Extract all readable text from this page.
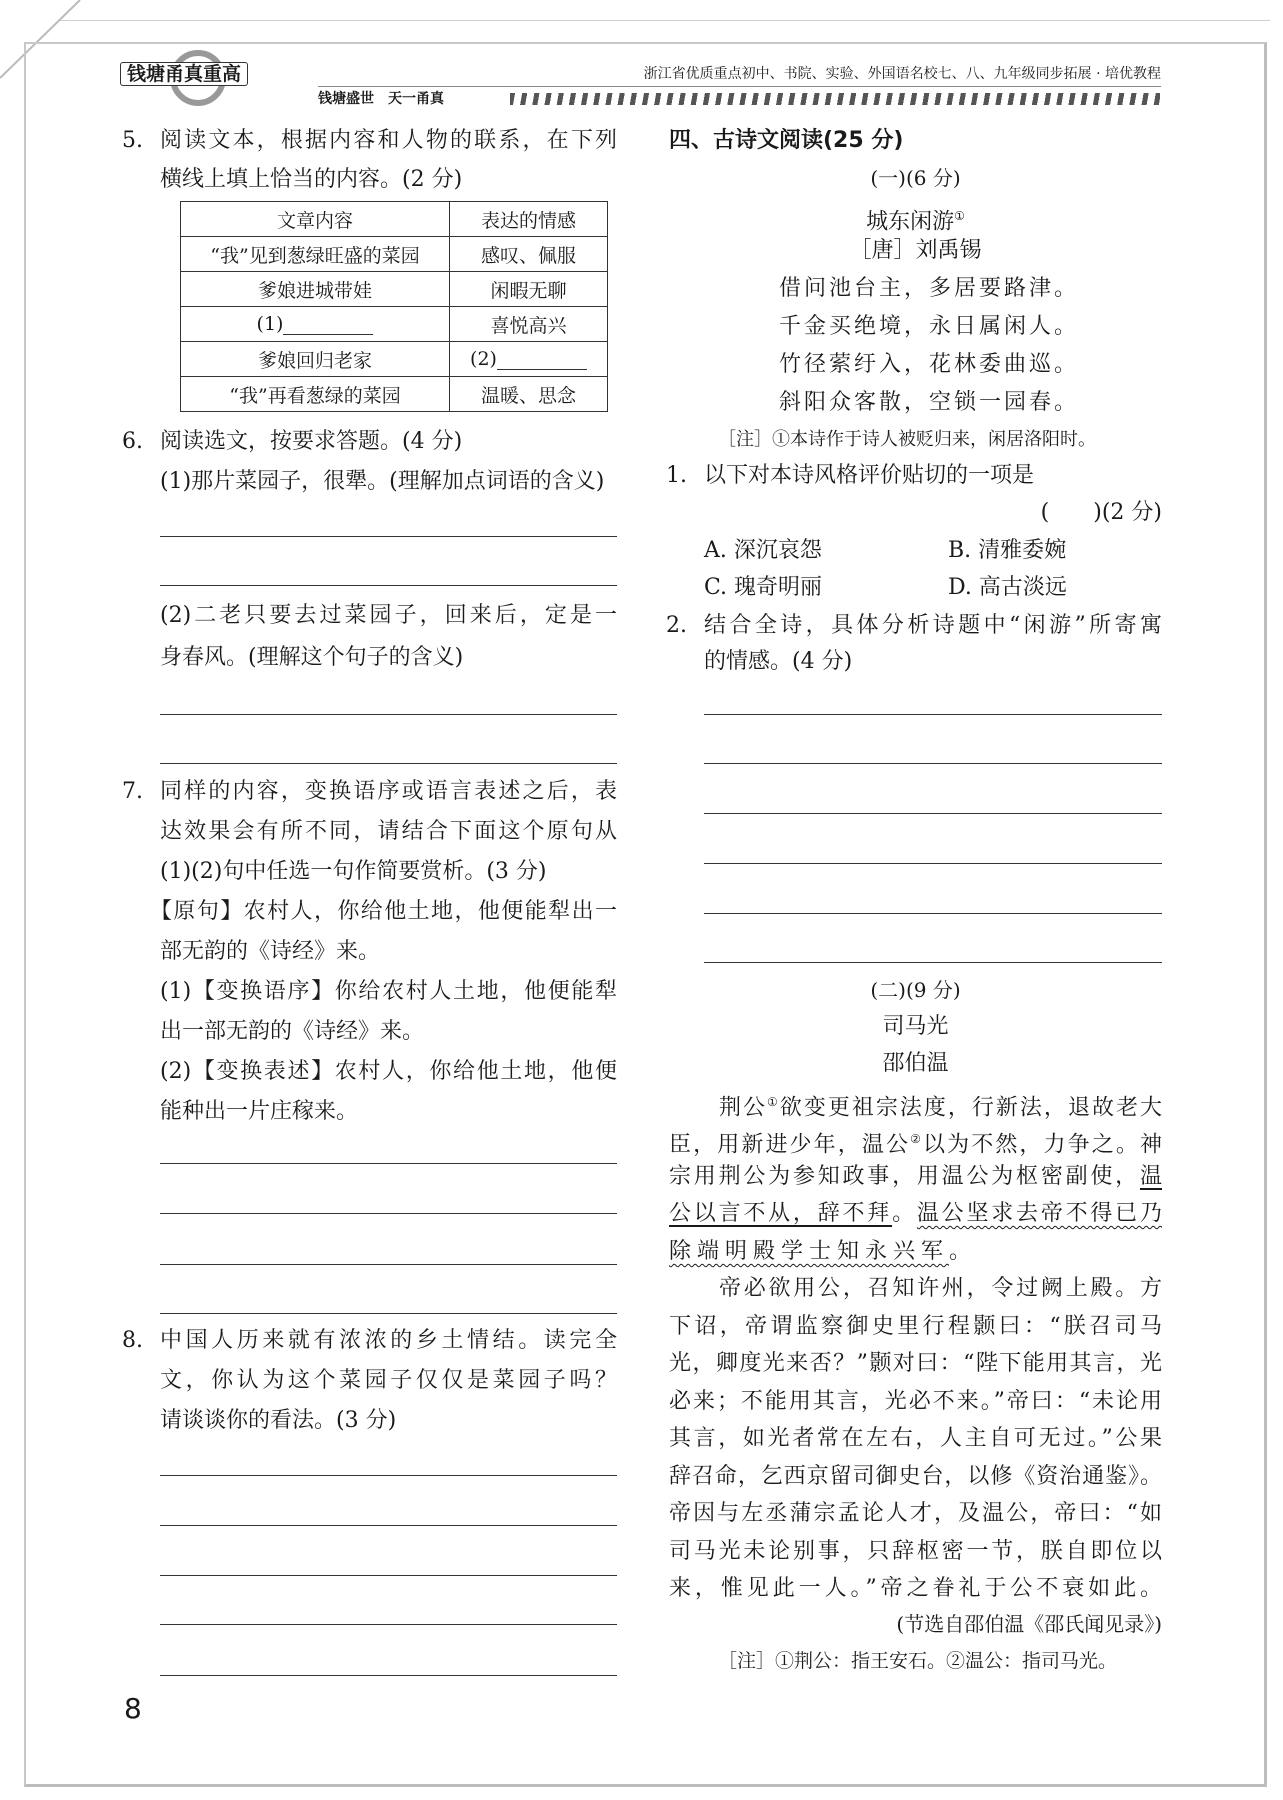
钱塘甬真重高	浙江省优质重点初中、书院、实验、外国语名校七、八、九年级同步拓展 · 培优教程
钱塘盛世　天一甬真
5. 阅读文本，根据内容和人物的联系，在下列
横线上填上恰当的内容。(2 分)
文章内容	表达的情感
“我”见到葱绿旺盛的菜园	感叹、佩服
爹娘进城带娃	闲暇无聊
(1)	喜悦高兴
爹娘回归老家	(2)
“我”再看葱绿的菜园	温暖、思念
6. 阅读选文，按要求答题。(4 分)
(1)那片菜园子，很犟。(理解加点词语的含义)
(2)二老只要去过菜园子，回来后，定是一
身春风。(理解这个句子的含义)
7. 同样的内容，变换语序或语言表述之后，表
达效果会有所不同，请结合下面这个原句从
(1)(2)句中任选一句作简要赏析。(3 分)
【原句】农村人，你给他土地，他便能犁出一
部无韵的《诗经》来。
(1)【变换语序】你给农村人土地，他便能犁
出一部无韵的《诗经》来。
(2)【变换表述】农村人，你给他土地，他便
能种出一片庄稼来。
8. 中国人历来就有浓浓的乡土情结。读完全
文，你认为这个菜园子仅仅是菜园子吗？
请谈谈你的看法。(3 分)
8
四、古诗文阅读(25 分)
(一)(6 分)
城东闲游①
［唐］刘禹锡
借问池台主，多居要路津。
千金买绝境，永日属闲人。
竹径萦纡入，花林委曲巡。
斜阳众客散，空锁一园春。
［注］①本诗作于诗人被贬归来，闲居洛阳时。
1. 以下对本诗风格评价贴切的一项是
(　　)(2 分)
A. 深沉哀怨	B. 清雅委婉
C. 瑰奇明丽	D. 高古淡远
2. 结合全诗，具体分析诗题中“闲游”所寄寓
的情感。(4 分)
(二)(9 分)
司马光
邵伯温
荆公①欲变更祖宗法度，行新法，退故老大
臣，用新进少年，温公②以为不然，力争之。神
宗用荆公为参知政事，用温公为枢密副使，温
公以言不从，辞不拜。温公坚求去帝不得已乃
除端明殿学士知永兴军。
帝必欲用公，召知许州，令过阙上殿。方
下诏，帝谓监察御史里行程颢曰：“朕召司马
光，卿度光来否？”颢对曰：“陛下能用其言，光
必来；不能用其言，光必不来。”帝曰：“未论用
其言，如光者常在左右，人主自可无过。”公果
辞召命，乞西京留司御史台，以修《资治通鉴》。
帝因与左丞蒲宗孟论人才，及温公，帝曰：“如
司马光未论别事，只辞枢密一节，朕自即位以
来，惟见此一人。”帝之眷礼于公不衰如此。
(节选自邵伯温《邵氏闻见录》)
［注］①荆公：指王安石。②温公：指司马光。
